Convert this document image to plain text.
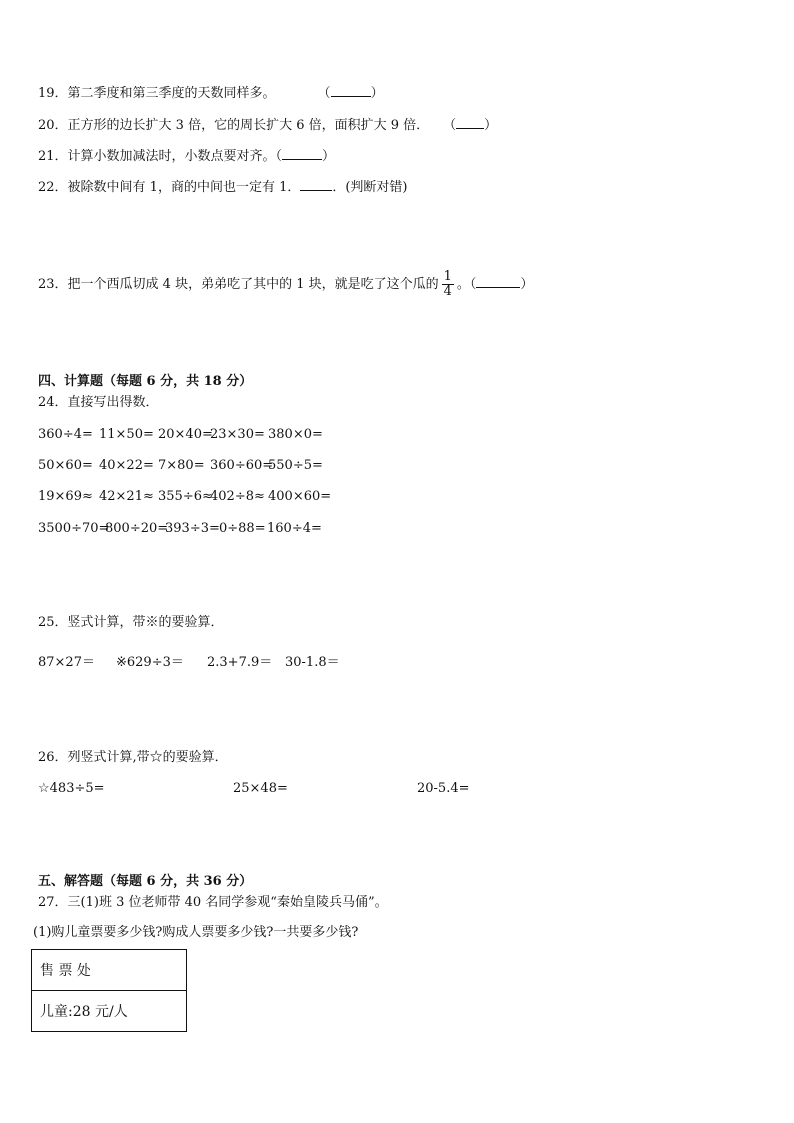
19．第二季度和第三季度的天数同样多。	（	）
20．正方形的边长扩大 3 倍，它的周长扩大 6 倍，面积扩大 9 倍． （ ）
21．计算小数加减法时，小数点要对齐。（	）
22．被除数中间有 1，商的中间也一定有 1． ．(判断对错)
23．把一个西瓜切成 4 块，弟弟吃了其中的 1 块，就是吃了这个瓜的 $\frac{1}{4}$ 。（	）
四、计算题（每题 6 分，共 18 分）
24．直接写出得数．
360÷4= 11×50= 20×40=23×30= 380×0=
50×60= 40×22= 7×80= 360÷60=550÷5=
19×69≈ 42×21≈ 355÷6≈402÷8≈ 400×60=
3500÷70=800÷20=393÷3=0÷88=160÷4=
25．竖式计算，带※的要验算．
87×27＝ ※629÷3＝ 2.3+7.9＝ 30-1.8＝
26．列竖式计算,带☆的要验算．
☆483÷5=	25×48=	20-5.4=
五、解答题（每题 6 分，共 36 分）
27．三(1)班 3 位老师带 40 名同学参观“秦始皇陵兵马俑”。
(1)购儿童票要多少钱?购成人票要多少钱?一共要多少钱?
售 票 处
儿童:28 元/人
